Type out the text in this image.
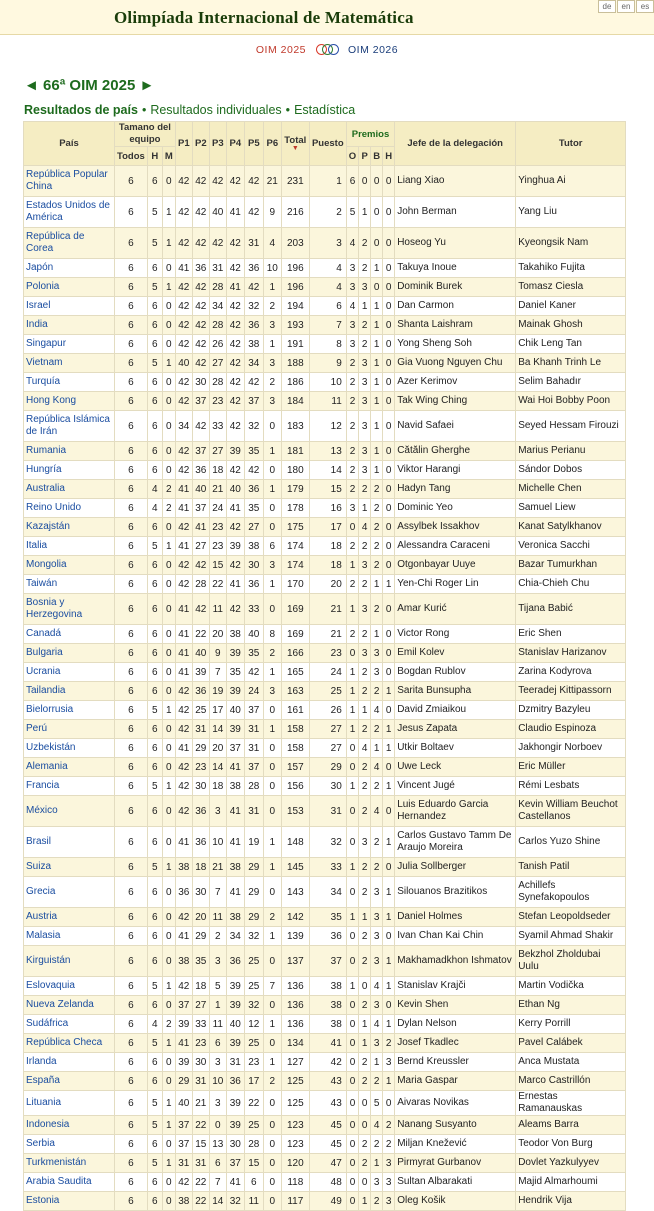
Olimpíada Internacional de Matemática
de	en	es
OIM 2025	OIM 2026
◄ 66ª OIM 2025 ►
Resultados de país • Resultados individuales • Estadística
País	Tamano del equipo			P1	P2	P3	P4	P5	P6	Total
▼	Puesto	Premios				Jefe de la delegación	Tutor
	Todos	H	M									O	P	B	H		
República Popular China	6	6	0	42	42	42	42	42	21	231	1	6	0	0	0	Liang Xiao	Yinghua Ai
Estados Unidos de América	6	5	1	42	42	40	41	42	9	216	2	5	1	0	0	John Berman	Yang Liu
República de Corea	6	5	1	42	42	42	42	31	4	203	3	4	2	0	0	Hoseog Yu	Kyeongsik Nam
Japón	6	6	0	41	36	31	42	36	10	196	4	3	2	1	0	Takuya Inoue	Takahiko Fujita
Polonia	6	5	1	42	42	28	41	42	1	196	4	3	3	0	0	Dominik Burek	Tomasz Ciesla
Israel	6	6	0	42	42	34	42	32	2	194	6	4	1	1	0	Dan Carmon	Daniel Kaner
India	6	6	0	42	42	28	42	36	3	193	7	3	2	1	0	Shanta Laishram	Mainak Ghosh
Singapur	6	6	0	42	42	26	42	38	1	191	8	3	2	1	0	Yong Sheng Soh	Chik Leng Tan
Vietnam	6	5	1	40	42	27	42	34	3	188	9	2	3	1	0	Gia Vuong Nguyen Chu	Ba Khanh Trinh Le
Turquía	6	6	0	42	30	28	42	42	2	186	10	2	3	1	0	Azer Kerimov	Selim Bahadır
Hong Kong	6	6	0	42	37	23	42	37	3	184	11	2	3	1	0	Tak Wing Ching	Wai Hoi Bobby Poon
República Islámica de Irán	6	6	0	34	42	33	42	32	0	183	12	2	3	1	0	Navid Safaei	Seyed Hessam Firouzi
Rumania	6	6	0	42	37	27	39	35	1	181	13	2	3	1	0	Cătălin Gherghe	Marius Perianu
Hungría	6	6	0	42	36	18	42	42	0	180	14	2	3	1	0	Viktor Harangi	Sándor Dobos
Australia	6	4	2	41	40	21	40	36	1	179	15	2	2	2	0	Hadyn Tang	Michelle Chen
Reino Unido	6	4	2	41	37	24	41	35	0	178	16	3	1	2	0	Dominic Yeo	Samuel Liew
Kazajstán	6	6	0	42	41	23	42	27	0	175	17	0	4	2	0	Assylbek Issakhov	Kanat Satylkhanov
Italia	6	5	1	41	27	23	39	38	6	174	18	2	2	2	0	Alessandra Caraceni	Veronica Sacchi
Mongolia	6	6	0	42	42	15	42	30	3	174	18	1	3	2	0	Otgonbayar Uuye	Bazar Tumurkhan
Taiwán	6	6	0	42	28	22	41	36	1	170	20	2	2	1	1	Yen-Chi Roger Lin	Chia-Chieh Chu
Bosnia y Herzegovina	6	6	0	41	42	11	42	33	0	169	21	1	3	2	0	Amar Kurić	Tijana Babić
Canadá	6	6	0	41	22	20	38	40	8	169	21	2	2	1	0	Victor Rong	Eric Shen
Bulgaria	6	6	0	41	40	9	39	35	2	166	23	0	3	3	0	Emil Kolev	Stanislav Harizanov
Ucrania	6	6	0	41	39	7	35	42	1	165	24	1	2	3	0	Bogdan Rublov	Zarina Kodyrova
Tailandia	6	6	0	42	36	19	39	24	3	163	25	1	2	2	1	Sarita Bunsupha	Teeradej Kittipassorn
Bielorrusia	6	5	1	42	25	17	40	37	0	161	26	1	1	4	0	David Zmiaikou	Dzmitry Bazyleu
Perú	6	6	0	42	31	14	39	31	1	158	27	1	2	2	1	Jesus Zapata	Claudio Espinoza
Uzbekistán	6	6	0	41	29	20	37	31	0	158	27	0	4	1	1	Utkir Boltaev	Jakhongir Norboev
Alemania	6	6	0	42	23	14	41	37	0	157	29	0	2	4	0	Uwe Leck	Eric Müller
Francia	6	5	1	42	30	18	38	28	0	156	30	1	2	2	1	Vincent Jugé	Rémi Lesbats
México	6	6	0	42	36	3	41	31	0	153	31	0	2	4	0	Luis Eduardo Garcia Hernandez	Kevin William Beuchot Castellanos
Brasil	6	6	0	41	36	10	41	19	1	148	32	0	3	2	1	Carlos Gustavo Tamm De Araujo Moreira	Carlos Yuzo Shine
Suiza	6	5	1	38	18	21	38	29	1	145	33	1	2	2	0	Julia Sollberger	Tanish Patil
Grecia	6	6	0	36	30	7	41	29	0	143	34	0	2	3	1	Silouanos Brazitikos	Achillefs Synefakopoulos
Austria	6	6	0	42	20	11	38	29	2	142	35	1	1	3	1	Daniel Holmes	Stefan Leopoldseder
Malasia	6	6	0	41	29	2	34	32	1	139	36	0	2	3	0	Ivan Chan Kai Chin	Syamil Ahmad Shakir
Kirguistán	6	6	0	38	35	3	36	25	0	137	37	0	2	3	1	Makhamadkhon Ishmatov	Bekzhol Zholdubai Uulu
Eslovaquia	6	5	1	42	18	5	39	25	7	136	38	1	0	4	1	Stanislav Krajči	Martin Vodička
Nueva Zelanda	6	6	0	37	27	1	39	32	0	136	38	0	2	3	0	Kevin Shen	Ethan Ng
Sudáfrica	6	4	2	39	33	11	40	12	1	136	38	0	1	4	1	Dylan Nelson	Kerry Porrill
República Checa	6	5	1	41	23	6	39	25	0	134	41	0	1	3	2	Josef Tkadlec	Pavel Calábek
Irlanda	6	6	0	39	30	3	31	23	1	127	42	0	2	1	3	Bernd Kreussler	Anca Mustata
España	6	6	0	29	31	10	36	17	2	125	43	0	2	2	1	Maria Gaspar	Marco Castrillón
Lituania	6	5	1	40	21	3	39	22	0	125	43	0	0	5	0	Aivaras Novikas	Ernestas Ramanauskas
Indonesia	6	5	1	37	22	0	39	25	0	123	45	0	0	4	2	Nanang Susyanto	Aleams Barra
Serbia	6	6	0	37	15	13	30	28	0	123	45	0	2	2	2	Miljan Knežević	Teodor Von Burg
Turkmenistán	6	5	1	31	31	6	37	15	0	120	47	0	2	1	3	Pirmyrat Gurbanov	Dovlet Yazkulyyev
Arabia Saudita	6	6	0	42	22	7	41	6	0	118	48	0	0	3	3	Sultan Albarakati	Majid Almarhoumi
Estonia	6	6	0	38	22	14	32	11	0	117	49	0	1	2	3	Oleg Košik	Hendrik Vija
